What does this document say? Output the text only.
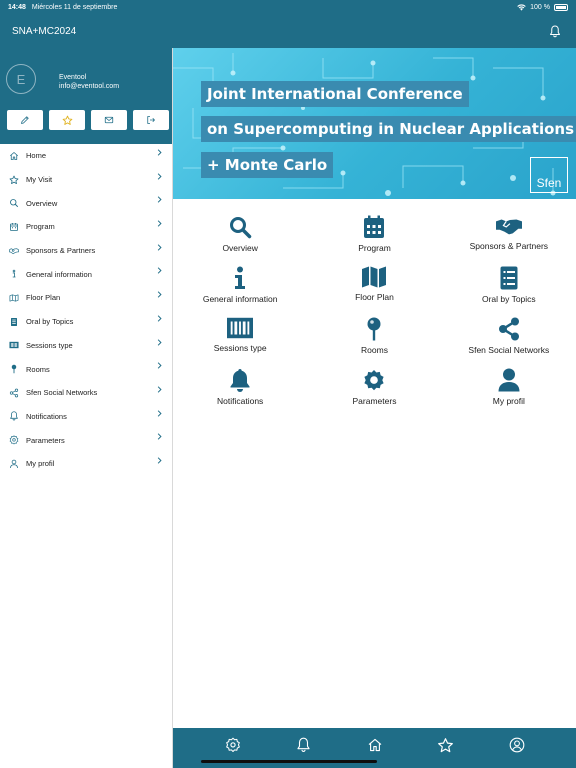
14:48 Miércoles 11 de septiembre	100 %
SNA+MC2024
E	Eventool
info@eventool.com
Home
My Visit
Overview
Program
Sponsors & Partners
General information
Floor Plan
Oral by Topics
Sessions type
Rooms
Sfen Social Networks
Notifications
Parameters
My profil
Joint International Conference
on Supercomputing in Nuclear Applications
+ Monte Carlo
Sfen
Overview	Program	Sponsors & Partners
General information	Floor Plan	Oral by Topics
Sessions type	Rooms	Sfen Social Networks
Notifications	Parameters	My profil
